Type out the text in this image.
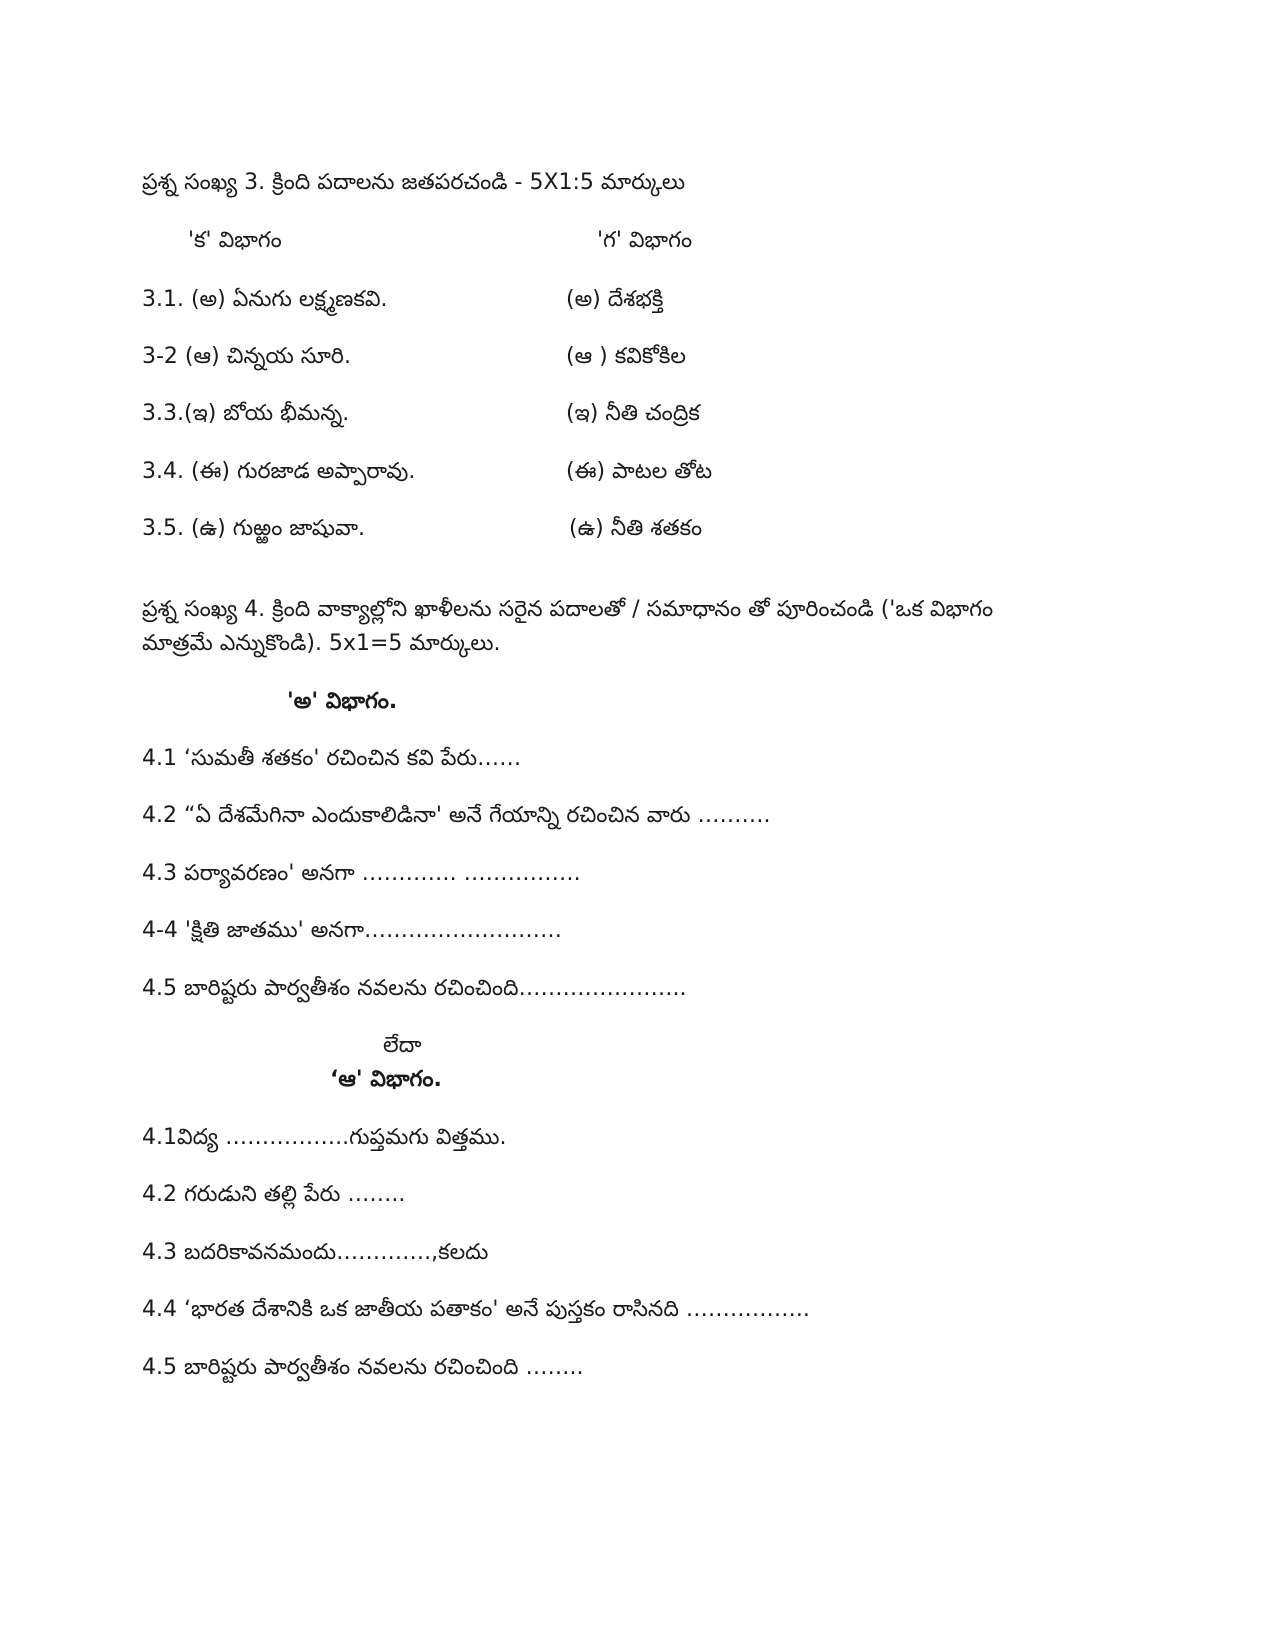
ప్రశ్న సంఖ్య 3. క్రింది పదాలను జతపరచండి - 5X1:5 మార్కులు
'క' విభాగం	'గ' విభాగం
3.1. (అ) ఏనుగు లక్ష్మణకవి.	(అ) దేశభక్తి
3-2 (ఆ) చిన్నయ సూరి.	(ఆ ) కవికోకిల
3.3.(ఇ) బోయ భీమన్న.	(ఇ) నీతి చంద్రిక
3.4. (ఈ) గురజాడ అప్పారావు.	(ఈ) పాటల తోట
3.5. (ఉ) గుఱ్ఱం జాషువా.	(ఉ) నీతి శతకం
ప్రశ్న సంఖ్య 4. క్రింది వాక్యాల్లోని ఖాళీలను సరైన పదాలతో / సమాధానం తో పూరించండి ('ఒక విభాగం
మాత్రమే ఎన్నుకొండి). 5x1=5 మార్కులు.
'అ' విభాగం.
4.1 ‘సుమతీ శతకం' రచించిన కవి పేరు……
4.2 “ఏ దేశమేగినా ఎందుకాలిడినా' అనే గేయాన్ని రచించిన వారు ……….
4.3 పర్యావరణం' అనగా …………. …………….
4-4 'క్షితి జాతము' అనగా………………………
4.5 బారిష్టరు పార్వతీశం నవలను రచించింది…………………..
లేదా
‘ఆ' విభాగం.
4.1విద్య ……………..గుప్తమగు విత్తము.
4.2 గరుడుని తల్లి పేరు ……..
4.3 బదరికావనమందు………….,కలదు
4.4 ‘భారత దేశానికి ఒక జాతీయ పతాకం' అనే పుస్తకం రాసినది ……………..
4.5 బారిష్టరు పార్వతీశం నవలను రచించింది ……..
